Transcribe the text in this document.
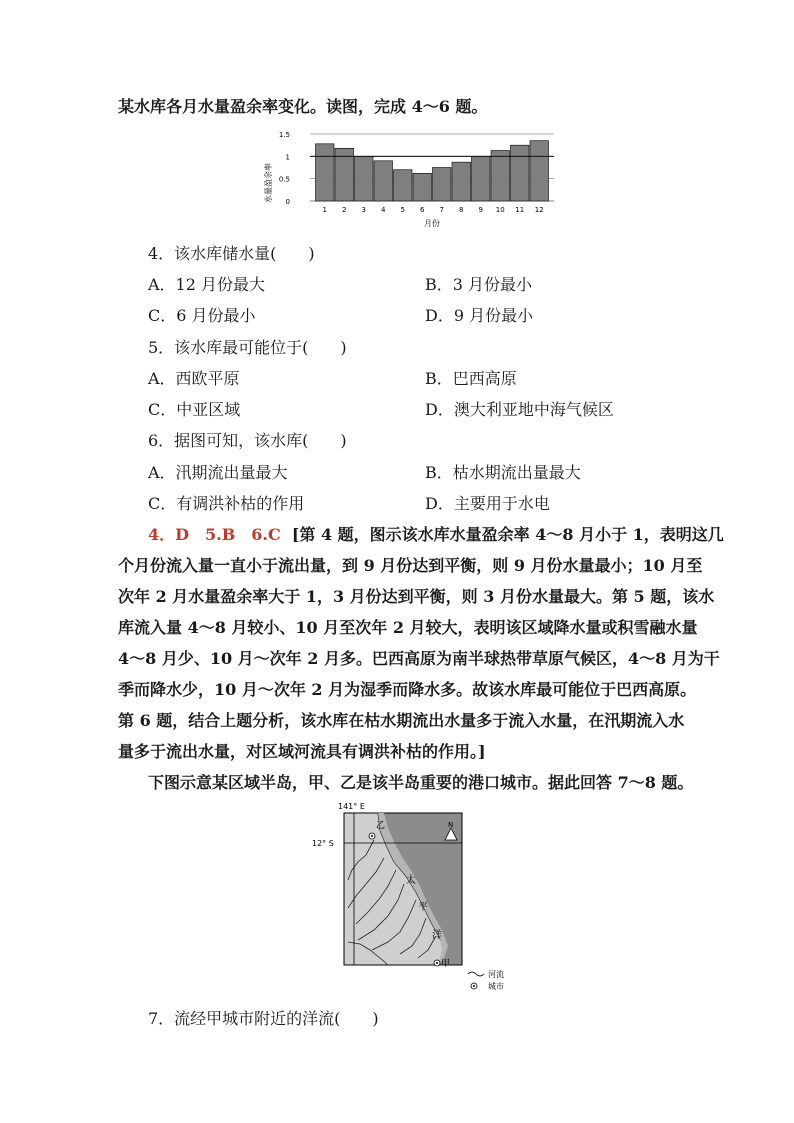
某水库各月水量盈余率变化。读图，完成 4～6 题。
0
0.5
1
1.5
1 2 3 4 5 6 7 8 9 10 11 12
水量盈余率
月份
4．该水库储水量(　　)
A．12 月份最大	B．3 月份最小
C．6 月份最小	D．9 月份最小
5．该水库最可能位于(　　)
A．西欧平原	B．巴西高原
C．中亚区域	D．澳大利亚地中海气候区
6．据图可知，该水库(　　)
A．汛期流出量最大	B．枯水期流出量最大
C．有调洪补枯的作用	D．主要用于水电
4．D　5.B　6.C [第 4 题，图示该水库水量盈余率 4～8 月小于 1，表明这几
个月份流入量一直小于流出量，到 9 月份达到平衡，则 9 月份水量最小；10 月至
次年 2 月水量盈余率大于 1，3 月份达到平衡，则 3 月份水量最大。第 5 题，该水
库流入量 4～8 月较小、10 月至次年 2 月较大，表明该区域降水量或积雪融水量
4～8 月少、10 月～次年 2 月多。巴西高原为南半球热带草原气候区，4～8 月为干
季而降水少，10 月～次年 2 月为湿季而降水多。故该水库最可能位于巴西高原。
第 6 题，结合上题分析，该水库在枯水期流出水量多于流入水量，在汛期流入水
量多于流出水量，对区域河流具有调洪补枯的作用。]
下图示意某区域半岛，甲、乙是该半岛重要的港口城市。据此回答 7～8 题。
141° E
12° S
N
乙
甲
太
平
洋
河流
城市
7．流经甲城市附近的洋流(　　)
